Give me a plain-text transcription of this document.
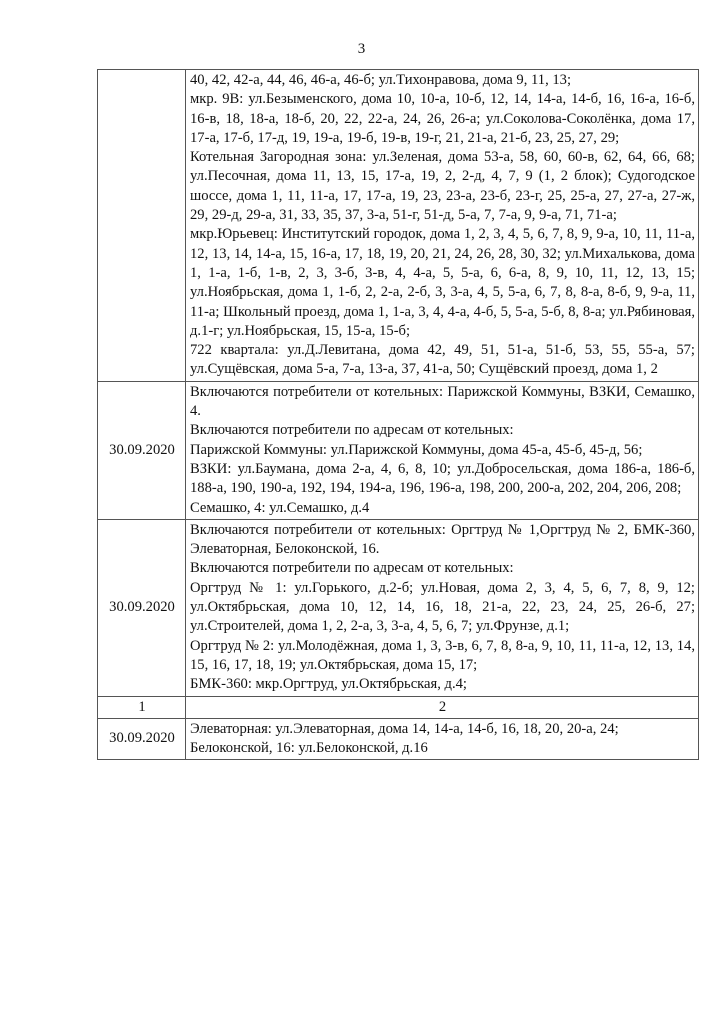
3

	40, 42, 42-а, 44, 46, 46-а, 46-б; ул.Тихонравова, дома 9, 11, 13;
мкр. 9В: ул.Безыменского, дома 10, 10-а, 10-б, 12, 14, 14-а, 14-б, 16, 16-а, 16-б, 16-в, 18, 18-а, 18-б, 20, 22, 22-а, 24, 26, 26-а; ул.Соколова-Соколёнка, дома 17, 17-а, 17-б, 17-д, 19, 19-а, 19-б, 19-в, 19-г, 21, 21-а, 21-б, 23, 25, 27, 29;
Котельная Загородная зона: ул.Зеленая, дома 53-а, 58, 60, 60-в, 62, 64, 66, 68; ул.Песочная, дома 11, 13, 15, 17-а, 19, 2, 2-д, 4, 7, 9 (1, 2 блок); Судогодское шоссе, дома 1, 11, 11-а, 17, 17-а, 19, 23, 23-а, 23-б, 23-г, 25, 25-а, 27, 27-а, 27-ж, 29, 29-д, 29-а, 31, 33, 35, 37, 3-а, 51-г, 51-д, 5-а, 7, 7-а, 9, 9-а, 71, 71-а;
мкр.Юрьевец: Институтский городок, дома 1, 2, 3, 4, 5, 6, 7, 8, 9, 9-а, 10, 11, 11-а, 12, 13, 14, 14-а, 15, 16-а, 17, 18, 19, 20, 21, 24, 26, 28, 30, 32; ул.Михалькова, дома 1, 1-а, 1-б, 1-в, 2, 3, 3-б, 3-в, 4, 4-а, 5, 5-а, 6, 6-а, 8, 9, 10, 11, 12, 13, 15; ул.Ноябрьская, дома 1, 1-б, 2, 2-а, 2-б, 3, 3-а, 4, 5, 5-а, 6, 7, 8, 8-а, 8-б, 9, 9-а, 11, 11-а; Школьный проезд, дома 1, 1-а, 3, 4, 4-а, 4-б, 5, 5-а, 5-б, 8, 8-а; ул.Рябиновая, д.1-г; ул.Ноябрьская, 15, 15-а, 15-б;
722 квартала: ул.Д.Левитана, дома 42, 49, 51, 51-а, 51-б, 53, 55, 55-а, 57; ул.Сущёвская, дома 5-а, 7-а, 13-а, 37, 41-а, 50; Сущёвский проезд, дома 1, 2

30.09.2020	Включаются потребители от котельных: Парижской Коммуны, ВЗКИ, Семашко, 4.
Включаются потребители по адресам от котельных:
Парижской Коммуны: ул.Парижской Коммуны, дома 45-а, 45-б, 45-д, 56;
ВЗКИ: ул.Баумана, дома 2-а, 4, 6, 8, 10; ул.Добросельская, дома 186-а, 186-б, 188-а, 190, 190-а, 192, 194, 194-а, 196, 196-а, 198, 200, 200-а, 202, 204, 206, 208;
Семашко, 4: ул.Семашко, д.4

30.09.2020	Включаются потребители от котельных: Оргтруд № 1,Оргтруд № 2, БМК-360, Элеваторная, Белоконской, 16.
Включаются потребители по адресам от котельных:
Оргтруд № 1: ул.Горького, д.2-б; ул.Новая, дома 2, 3, 4, 5, 6, 7, 8, 9, 12; ул.Октябрьская, дома 10, 12, 14, 16, 18, 21-а, 22, 23, 24, 25, 26-б, 27; ул.Строителей, дома 1, 2, 2-а, 3, 3-а, 4, 5, 6, 7; ул.Фрунзе, д.1;
Оргтруд № 2: ул.Молодёжная, дома 1, 3, 3-в, 6, 7, 8, 8-а, 9, 10, 11, 11-а, 12, 13, 14, 15, 16, 17, 18, 19; ул.Октябрьская, дома 15, 17;
БМК-360: мкр.Оргтруд, ул.Октябрьская, д.4;

1	2
30.09.2020	Элеваторная: ул.Элеваторная, дома 14, 14-а, 14-б, 16, 18, 20, 20-а, 24;
Белоконской, 16: ул.Белоконской, д.16
